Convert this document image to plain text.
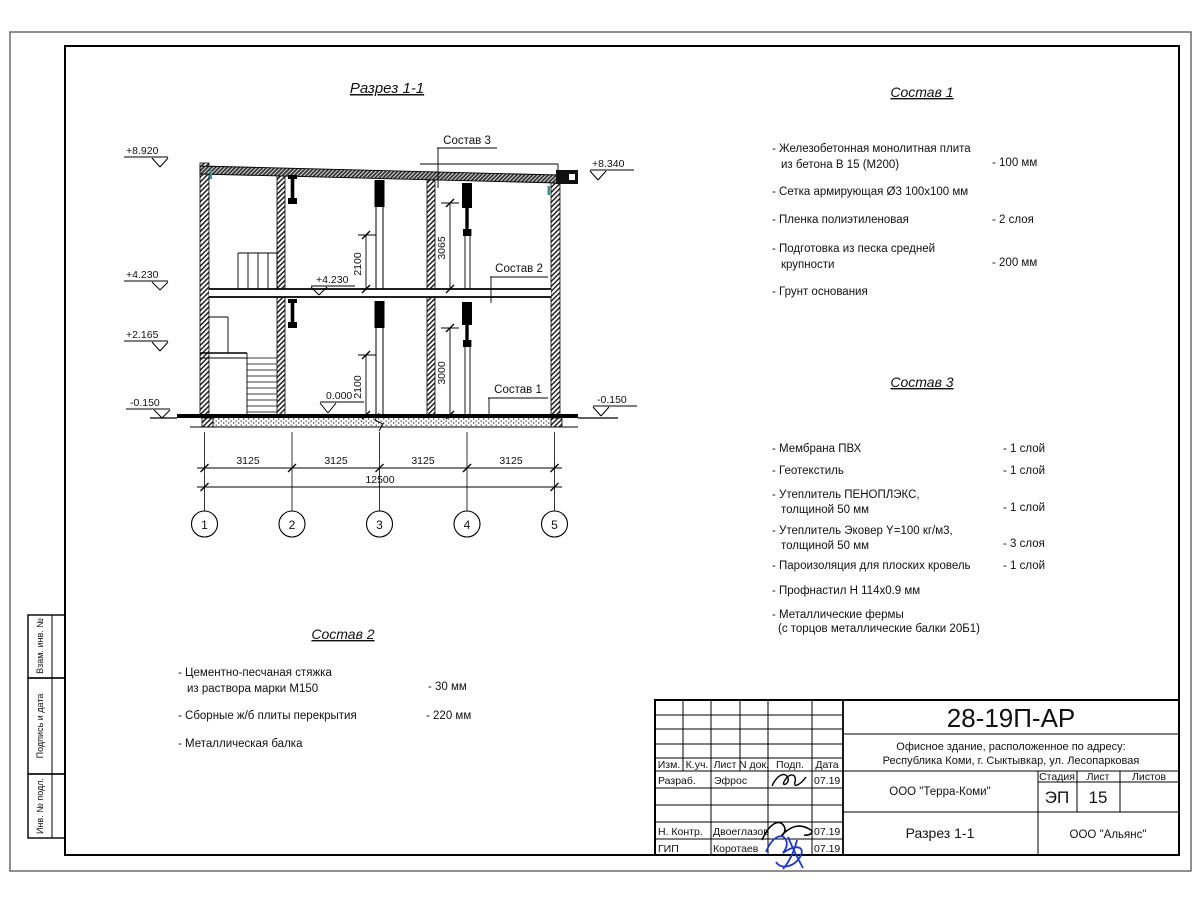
Взам. инв. №
Подпись и дата
Инв. № подл.
+8.920
+4.230
+2.165
-0.150
+8.340
-0.150
+4.230
0.000
2100
3065
2100
3000
Состав 3
Состав 2
Состав 1
3125	3125	3125	3125
12500
1	2	3	4	5
Разрез 1-1	Состав 1
- Железобетонная монолитная плита
из бетона В 15 (М200)	- 100 мм
- Сетка армирующая Ø3 100х100 мм
- Пленка полиэтиленовая	- 2 слоя
- Подготовка из песка средней
крупности	- 200 мм
- Грунт основания
Состав 3
- Мембрана ПВХ	- 1 слой
- Геотекстиль	- 1 слой
- Утеплитель ПЕНОПЛЭКС,
толщиной 50 мм	- 1 слой
- Утеплитель Эковер Y=100 кг/м3,
толщиной 50 мм	- 3 слоя
- Пароизоляция для плоских кровель	- 1 слой
- Профнастил Н 114х0.9 мм
- Металлические фермы
(с торцов металлические балки 20Б1)
Состав 2
- Цементно-песчаная стяжка
из раствора марки М150	- 30 мм
- Сборные ж/б плиты перекрытия	- 220 мм
- Металлическая балка
28-19П-АР
Офисное здание, расположенное по адресу:
Республика Коми, г. Сыктывкар, ул. Лесопарковая
ООО "Терра-Коми"
Стадия Лист Листов
ЭП 15
Разрез 1-1	ООО "Альянс"
Изм. К.уч. Лист N док. Подп. Дата
Разраб. Эфрос	07.19
Н. Контр. Двоеглазов	07.19
ГИП	Коротаев	07.19
